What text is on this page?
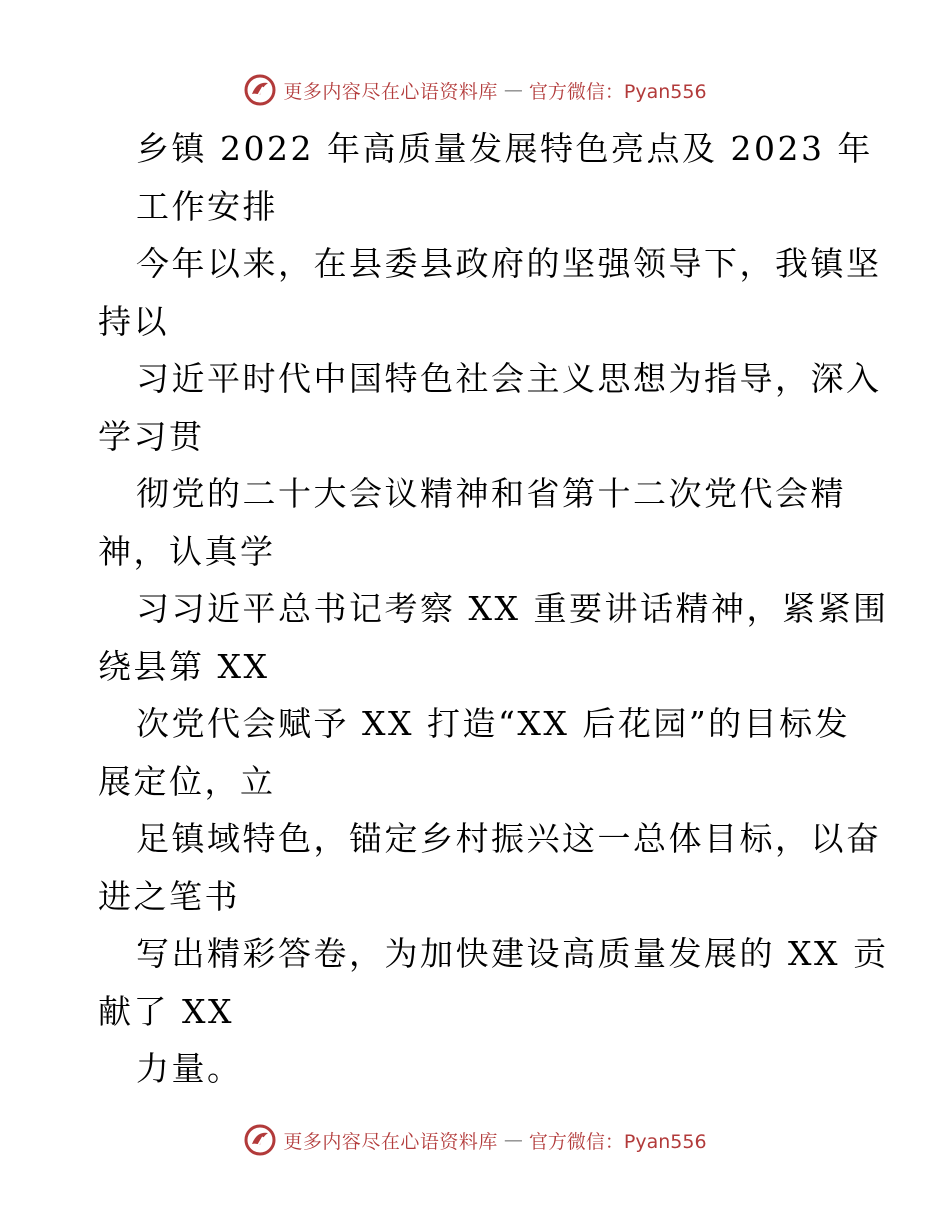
更多内容尽在心语资料库 — 官方微信：Pyan556
乡镇 2022 年高质量发展特色亮点及 2023 年
工作安排
今年以来，在县委县政府的坚强领导下，我镇坚
持以
习近平时代中国特色社会主义思想为指导，深入
学习贯
彻党的二十大会议精神和省第十二次党代会精
神，认真学
习习近平总书记考察 XX 重要讲话精神，紧紧围
绕县第 XX
次党代会赋予 XX 打造“XX 后花园”的目标发
展定位，立
足镇域特色，锚定乡村振兴这一总体目标，以奋
进之笔书
写出精彩答卷，为加快建设高质量发展的 XX 贡
献了 XX
力量。
更多内容尽在心语资料库 — 官方微信：Pyan556
